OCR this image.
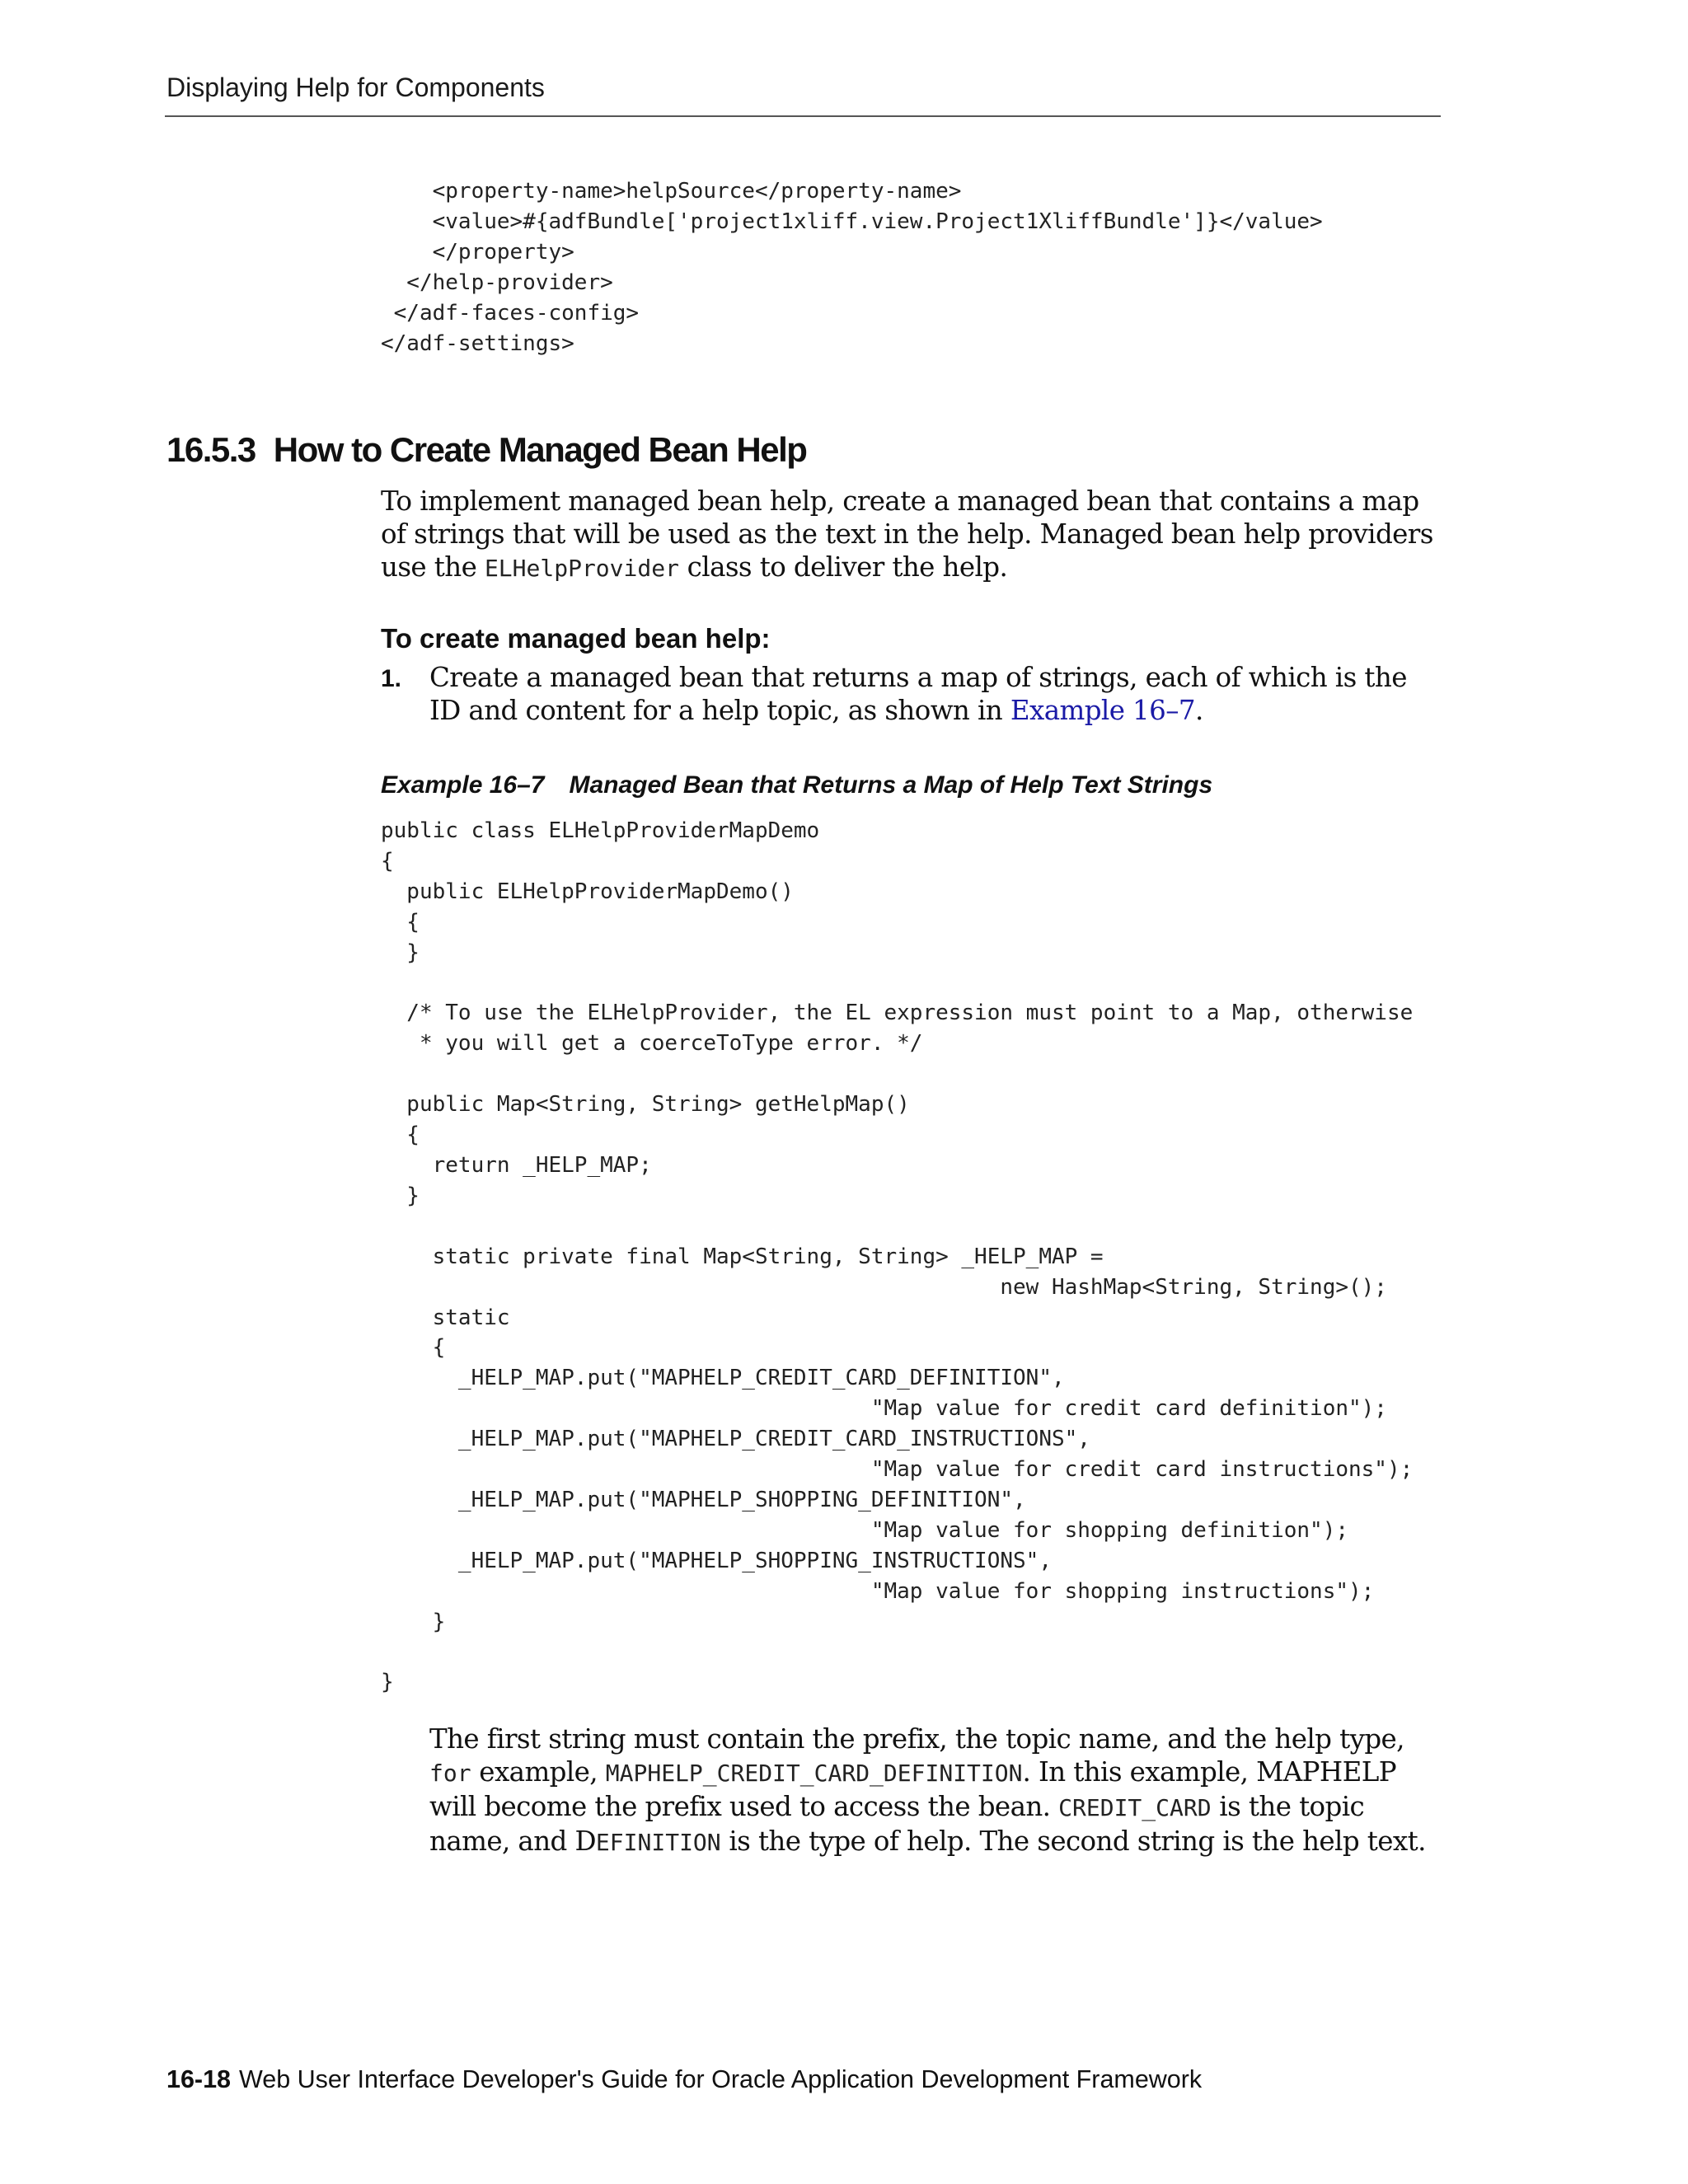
Displaying Help for Components
<property-name>helpSource</property-name>
<value>#{adfBundle['project1xliff.view.Project1XliffBundle']}</value>
</property>
</help-provider>
</adf-faces-config>
</adf-settings>
16.5.3 How to Create Managed Bean Help

To implement managed bean help, create a managed bean that contains a map of strings that will be used as the text in the help. Managed bean help providers use the ELHelpProvider class to deliver the help.

To create managed bean help:
1. Create a managed bean that returns a map of strings, each of which is the ID and content for a help topic, as shown in Example 16–7.

Example 16–7 Managed Bean that Returns a Map of Help Text Strings
public class ELHelpProviderMapDemo
{
public ELHelpProviderMapDemo()
{
}

/* To use the ELHelpProvider, the EL expression must point to a Map, otherwise
* you will get a coerceToType error. */

public Map<String, String> getHelpMap()
{
return _HELP_MAP;
}

static private final Map<String, String> _HELP_MAP =
new HashMap<String, String>();
static
{
_HELP_MAP.put("MAPHELP_CREDIT_CARD_DEFINITION",
"Map value for credit card definition");
_HELP_MAP.put("MAPHELP_CREDIT_CARD_INSTRUCTIONS",
"Map value for credit card instructions");
_HELP_MAP.put("MAPHELP_SHOPPING_DEFINITION",
"Map value for shopping definition");
_HELP_MAP.put("MAPHELP_SHOPPING_INSTRUCTIONS",
"Map value for shopping instructions");
}

}

The first string must contain the prefix, the topic name, and the help type, for example, MAPHELP_CREDIT_CARD_DEFINITION. In this example, MAPHELP will become the prefix used to access the bean. CREDIT_CARD is the topic name, and DEFINITION is the type of help. The second string is the help text.

16-18 Web User Interface Developer's Guide for Oracle Application Development Framework
